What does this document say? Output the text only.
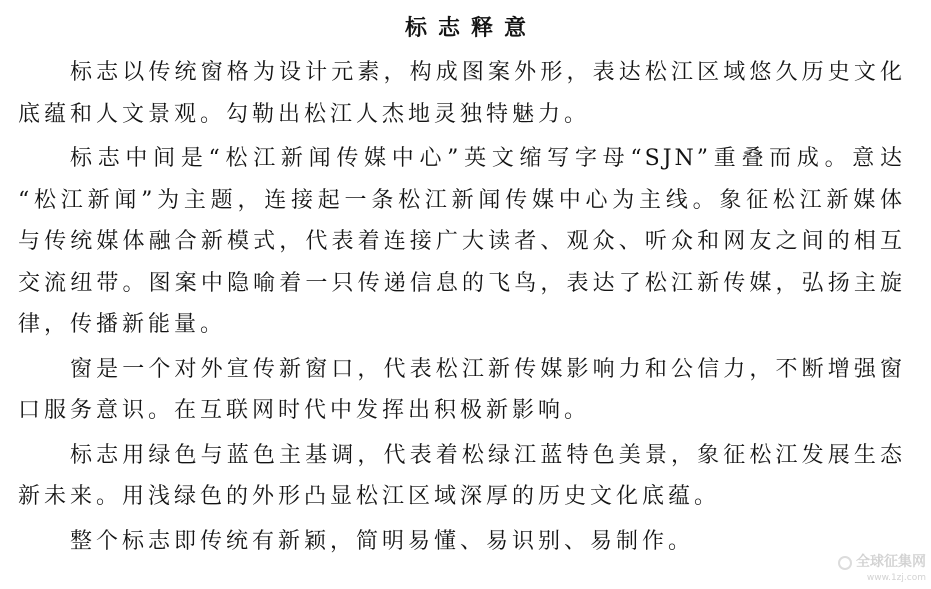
标志释意
标志以传统窗格为设计元素，构成图案外形，表达松江区域悠久历史文化
底蕴和人文景观。勾勒出松江人杰地灵独特魅力。
标志中间是“松江新闻传媒中心”英文缩写字母“SJN”重叠而成。意达
“松江新闻”为主题，连接起一条松江新闻传媒中心为主线。象征松江新媒体
与传统媒体融合新模式，代表着连接广大读者、观众、听众和网友之间的相互
交流纽带。图案中隐喻着一只传递信息的飞鸟，表达了松江新传媒，弘扬主旋
律，传播新能量。
窗是一个对外宣传新窗口，代表松江新传媒影响力和公信力，不断增强窗
口服务意识。在互联网时代中发挥出积极新影响。
标志用绿色与蓝色主基调，代表着松绿江蓝特色美景，象征松江发展生态
新未来。用浅绿色的外形凸显松江区域深厚的历史文化底蕴。
整个标志即传统有新颖，简明易懂、易识别、易制作。
全球征集网
www.1zj.com
